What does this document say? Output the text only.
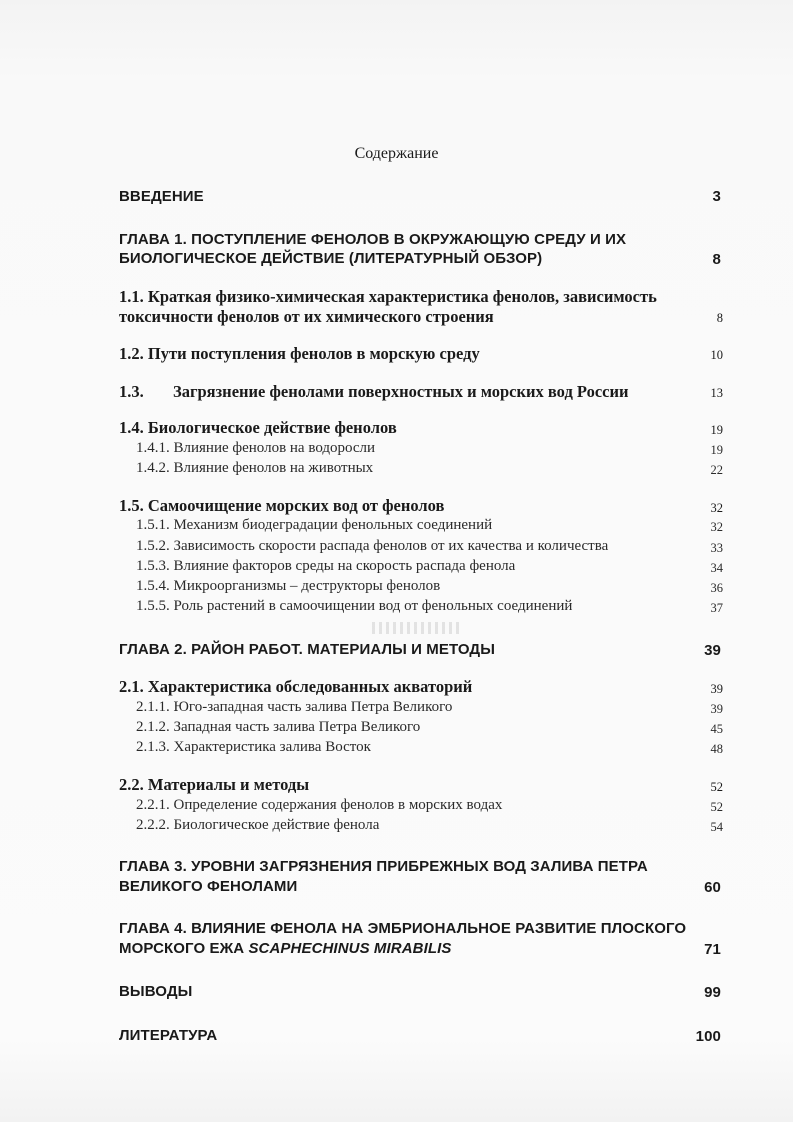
Содержание
ВВЕДЕНИЕ	3
ГЛАВА 1. ПОСТУПЛЕНИЕ ФЕНОЛОВ В ОКРУЖАЮЩУЮ СРЕДУ И ИХ
БИОЛОГИЧЕСКОЕ ДЕЙСТВИЕ (ЛИТЕРАТУРНЫЙ ОБЗОР)	8
1.1. Краткая физико-химическая характеристика фенолов, зависимость
токсичности фенолов от их химического строения	8
1.2. Пути поступления фенолов в морскую среду	10
1.3. Загрязнение фенолами поверхностных и морских вод России	13
1.4. Биологическое действие фенолов	19
1.4.1. Влияние фенолов на водоросли	19
1.4.2. Влияние фенолов на животных	22
1.5. Самоочищение морских вод от фенолов	32
1.5.1. Механизм биодеградации фенольных соединений	32
1.5.2. Зависимость скорости распада фенолов от их качества и количества	33
1.5.3. Влияние факторов среды на скорость распада фенола	34
1.5.4. Микроорганизмы – деструкторы фенолов	36
1.5.5. Роль растений в самоочищении вод от фенольных соединений	37
ГЛАВА 2. РАЙОН РАБОТ. МАТЕРИАЛЫ И МЕТОДЫ	39
2.1. Характеристика обследованных акваторий	39
2.1.1. Юго-западная часть залива Петра Великого	39
2.1.2. Западная часть залива Петра Великого	45
2.1.3. Характеристика залива Восток	48
2.2. Материалы и методы	52
2.2.1. Определение содержания фенолов в морских водах	52
2.2.2. Биологическое действие фенола	54
ГЛАВА 3. УРОВНИ ЗАГРЯЗНЕНИЯ ПРИБРЕЖНЫХ ВОД ЗАЛИВА ПЕТРА
ВЕЛИКОГО ФЕНОЛАМИ	60
ГЛАВА 4. ВЛИЯНИЕ ФЕНОЛА НА ЭМБРИОНАЛЬНОЕ РАЗВИТИЕ ПЛОСКОГО
МОРСКОГО ЕЖА SCAPHECHINUS MIRABILIS	71
ВЫВОДЫ	99
ЛИТЕРАТУРА	100
